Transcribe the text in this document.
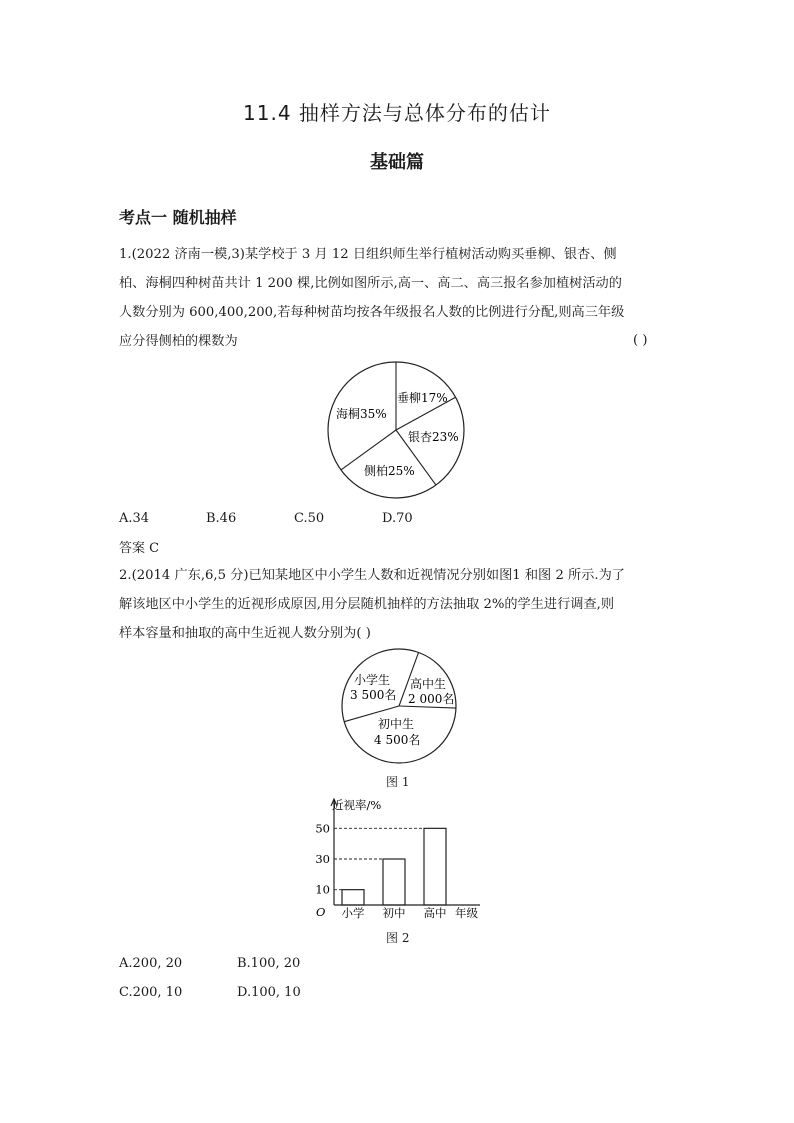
11.4 抽样方法与总体分布的估计
基础篇
考点一 随机抽样
1.(2022 济南一模,3)某学校于 3 月 12 日组织师生举行植树活动购买垂柳、银杏、侧
柏、海桐四种树苗共计 1 200 棵,比例如图所示,高一、高二、高三报名参加植树活动的
人数分别为 600,400,200,若每种树苗均按各年级报名人数的比例进行分配,则高三年级
应分得侧柏的棵数为	( )
垂柳17%
银杏23%
侧柏25%
海桐35%
A.34	B.46	C.50	D.70
答案 C
2.(2014 广东,6,5 分)已知某地区中小学生人数和近视情况分别如图1 和图 2 所示.为了
解该地区中小学生的近视形成原因,用分层随机抽样的方法抽取 2%的学生进行调查,则
样本容量和抽取的高中生近视人数分别为( )
高中生
2 000名
初中生
4 500名
小学生
3 500名
图 1
10
30
50
小学 初中 高中
近视率/%
年级
O
图 2
A.200, 20	B.100, 20
C.200, 10	D.100, 10
